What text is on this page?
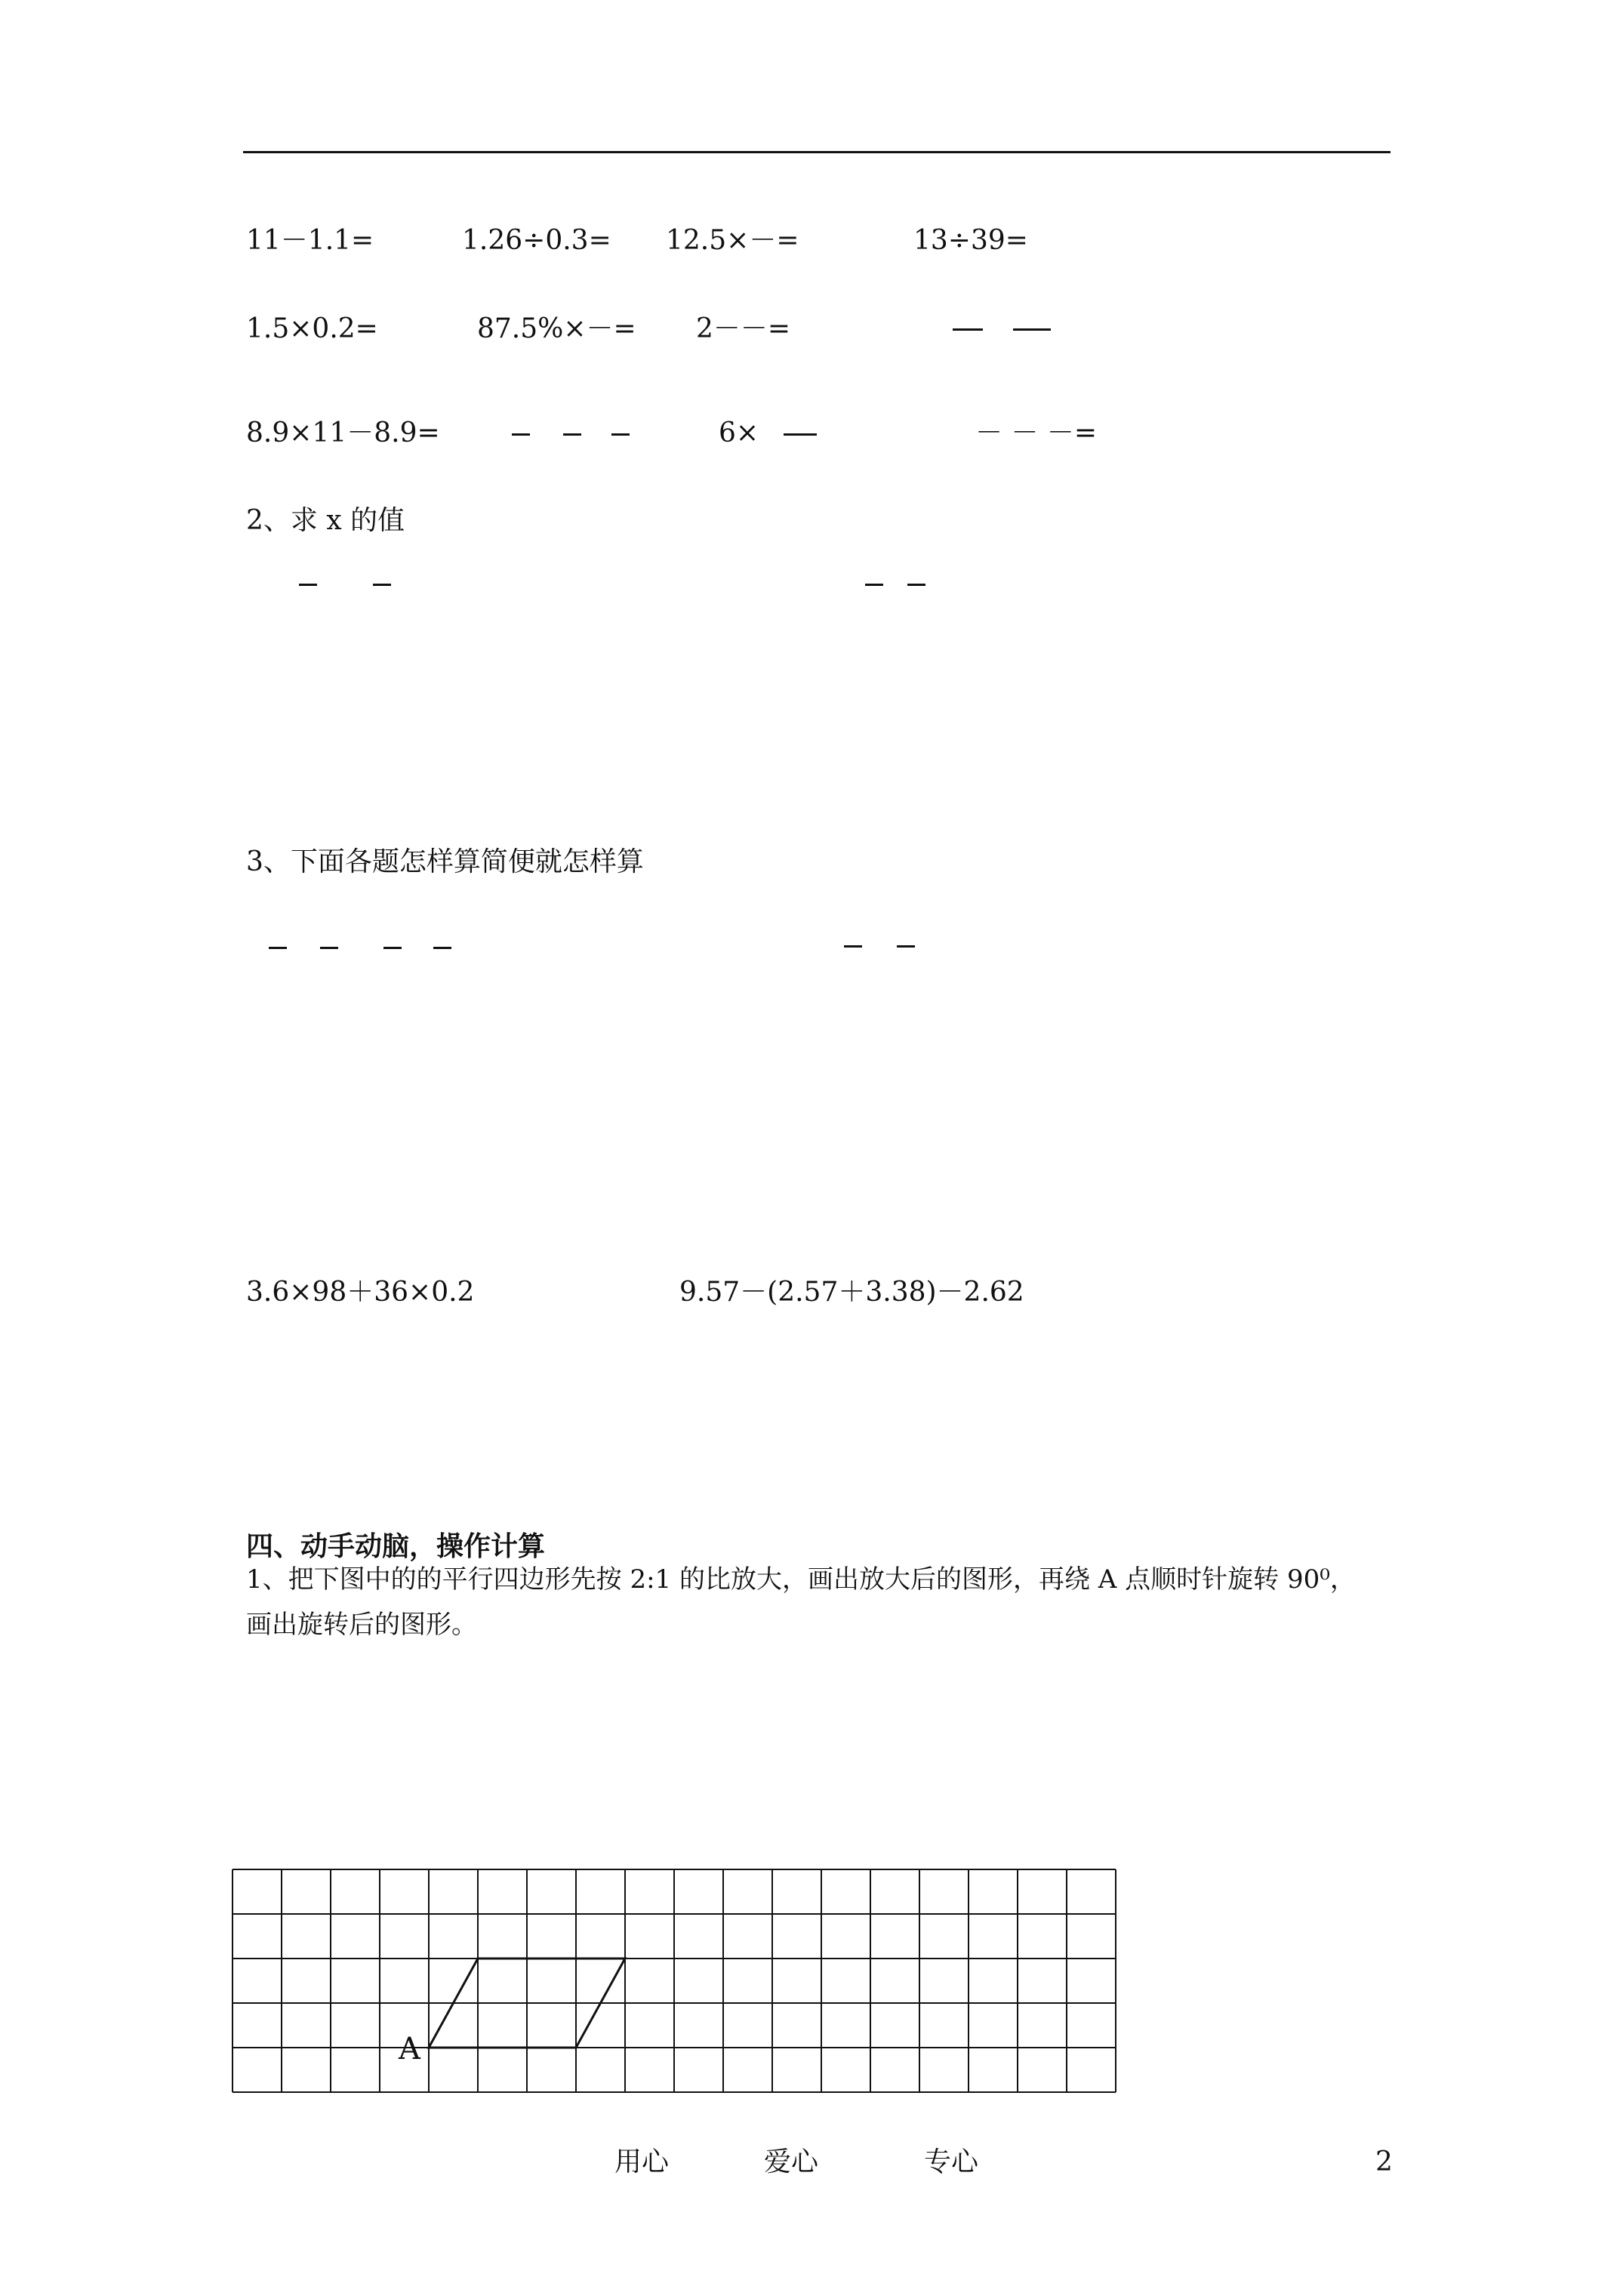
11－1.1=	1.26÷0.3= 12.5×－=	13÷39=
1.5×0.2=	87.5%×－= 2－－=
8.9×11－8.9=	6×	－ － －=
2、求 x 的值
3、下面各题怎样算简便就怎样算
3.6×98＋36×0.2	9.57－(2.57＋3.38)－2.62
四、动手动脑，操作计算
1、把下图中的的平行四边形先按 2:1 的比放大，画出放大后的图形，再绕 A 点顺时针旋转 90⁰，
画出旋转后的图形。
A
用心	爱心	专心	2
